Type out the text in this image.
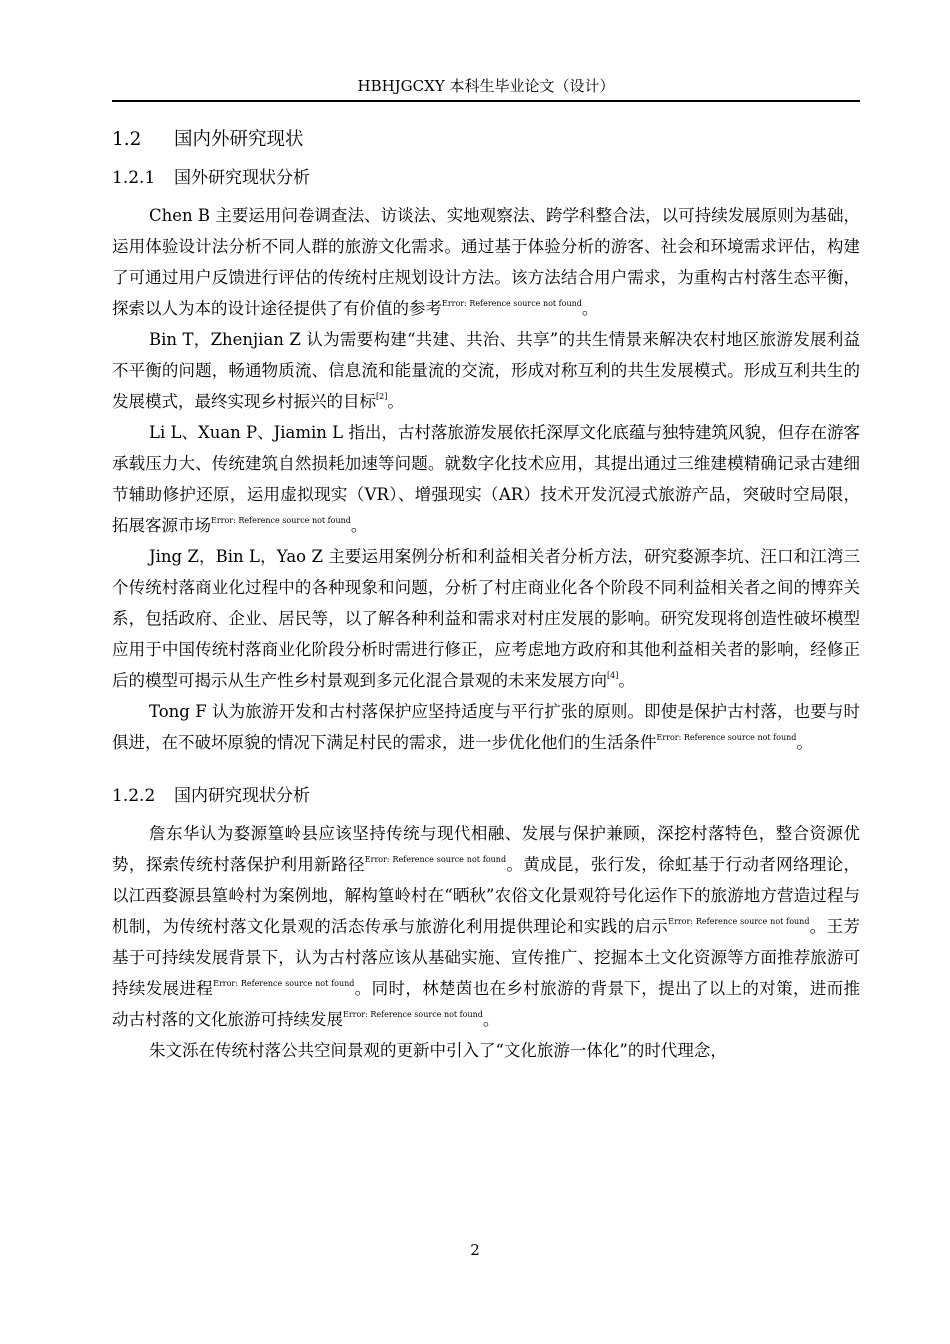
HBHJGCXY 本科生毕业论文（设计）
1.2 国内外研究现状
1.2.1 国外研究现状分析

Chen B 主要运用问卷调查法、访谈法、实地观察法、跨学科整合法，以可持续发展原则为基础，运用体验设计法分析不同人群的旅游文化需求。通过基于体验分析的游客、社会和环境需求评估，构建了可通过用户反馈进行评估的传统村庄规划设计方法。该方法结合用户需求，为重构古村落生态平衡，探索以人为本的设计途径提供了有价值的参考$^{Error: Reference source not found}$。

Bin T，Zhenjian Z 认为需要构建“共建、共治、共享”的共生情景来解决农村地区旅游发展利益不平衡的问题，畅通物质流、信息流和能量流的交流，形成对称互利的共生发展模式。形成互利共生的发展模式，最终实现乡村振兴的目标[2]。

Li L、Xuan P、Jiamin L 指出，古村落旅游发展依托深厚文化底蕴与独特建筑风貌，但存在游客承载压力大、传统建筑自然损耗加速等问题。就数字化技术应用，其提出通过三维建模精确记录古建细节辅助修护还原，运用虚拟现实（VR）、增强现实（AR）技术开发沉浸式旅游产品，突破时空局限，拓展客源市场$^{Error: Reference source not found}$。

Jing Z，Bin L，Yao Z 主要运用案例分析和利益相关者分析方法，研究婺源李坑、汪口和江湾三个传统村落商业化过程中的各种现象和问题，分析了村庄商业化各个阶段不同利益相关者之间的博弈关系，包括政府、企业、居民等，以了解各种利益和需求对村庄发展的影响。研究发现将创造性破坏模型应用于中国传统村落商业化阶段分析时需进行修正，应考虑地方政府和其他利益相关者的影响，经修正后的模型可揭示从生产性乡村景观到多元化混合景观的未来发展方向[4]。

Tong F 认为旅游开发和古村落保护应坚持适度与平行扩张的原则。即使是保护古村落，也要与时俱进，在不破坏原貌的情况下满足村民的需求，进一步优化他们的生活条件$^{Error: Reference source not found}$。

1.2.2 国内研究现状分析

詹东华认为婺源篁岭县应该坚持传统与现代相融、发展与保护兼顾，深挖村落特色，整合资源优势，探索传统村落保护利用新路径$^{Error: Reference source not found}$。黄成昆，张行发，徐虹基于行动者网络理论，以江西婺源县篁岭村为案例地，解构篁岭村在“晒秋”农俗文化景观符号化运作下的旅游地方营造过程与机制，为传统村落文化景观的活态传承与旅游化利用提供理论和实践的启示$^{Error: Reference source not found}$。王芳基于可持续发展背景下，认为古村落应该从基础实施、宣传推广、挖掘本土文化资源等方面推荐旅游可持续发展进程$^{Error: Reference source not found}$。同时，林楚茵也在乡村旅游的背景下，提出了以上的对策，进而推动古村落的文化旅游可持续发展$^{Error: Reference source not found}$。

朱文泺在传统村落公共空间景观的更新中引入了“文化旅游一体化”的时代理念，

2
